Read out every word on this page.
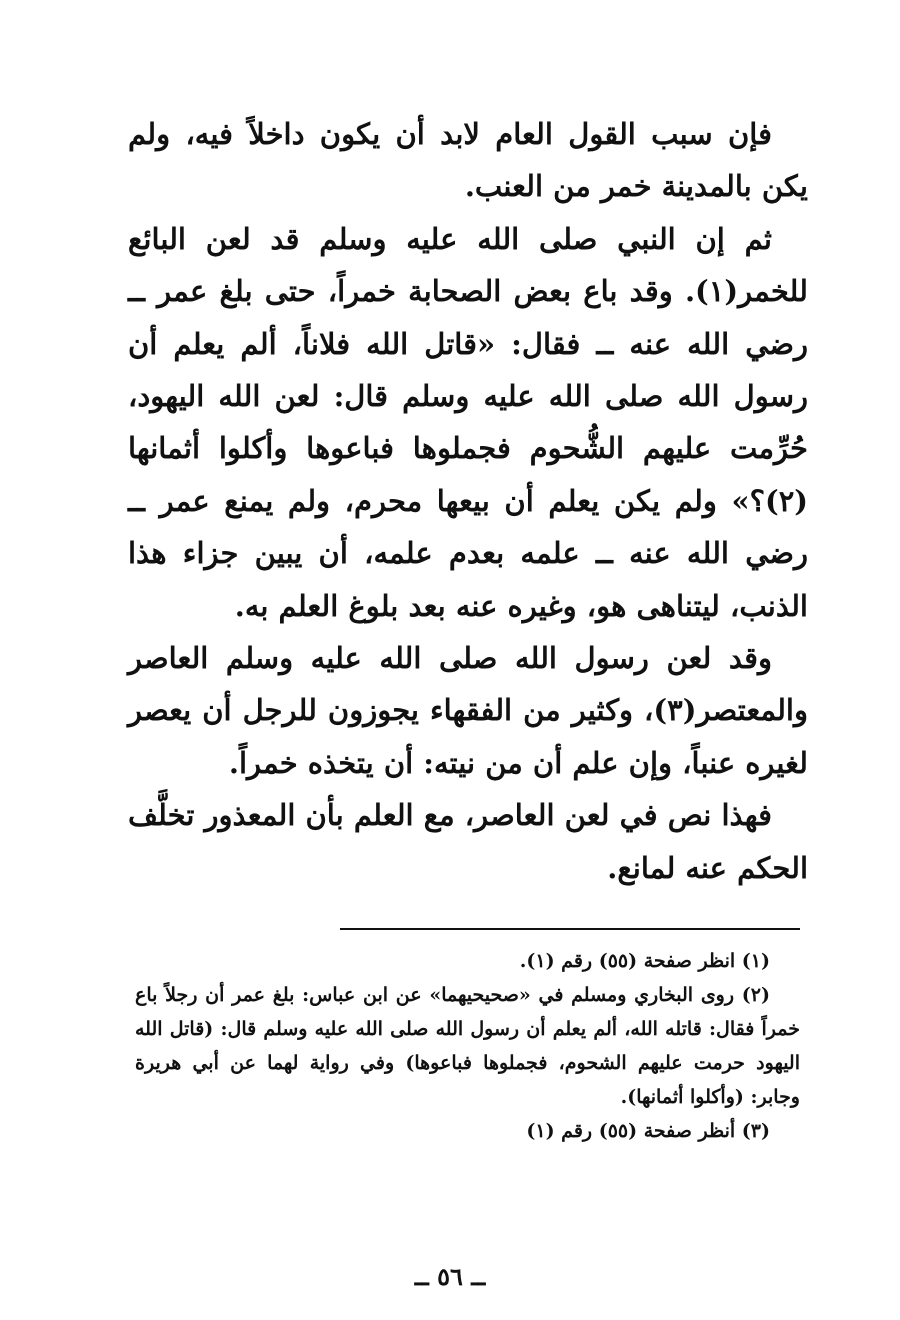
فإن سبب القول العام لابد أن يكون داخلاً فيه، ولم يكن بالمدينة خمر من العنب.

ثم إن النبي صلى الله عليه وسلم قد لعن البائع للخمر(١). وقد باع بعض الصحابة خمراً، حتى بلغ عمر ــ رضي الله عنه ــ فقال: «قاتل الله فلاناً، ألم يعلم أن رسول الله صلى الله عليه وسلم قال: لعن الله اليهود، حُرِّمت عليهم الشُّحوم فجملوها فباعوها وأكلوا أثمانها (٢)؟» ولم يكن يعلم أن بيعها محرم، ولم يمنع عمر ــ رضي الله عنه ــ علمه بعدم علمه، أن يبين جزاء هذا الذنب، ليتناهى هو، وغيره عنه بعد بلوغ العلم به.

وقد لعن رسول الله صلى الله عليه وسلم العاصر والمعتصر(٣)، وكثير من الفقهاء يجوزون للرجل أن يعصر لغيره عنباً، وإن علم أن من نيته: أن يتخذه خمراً.

فهذا نص في لعن العاصر، مع العلم بأن المعذور تخلَّف الحكم عنه لمانع.

(١) انظر صفحة (٥٥) رقم (١).

(٢) روى البخاري ومسلم في «صحيحيهما» عن ابن عباس: بلغ عمر أن رجلاً باع خمراً فقال: قاتله الله، ألم يعلم أن رسول الله صلى الله عليه وسلم قال: (قاتل الله اليهود حرمت عليهم الشحوم، فجملوها فباعوها) وفي رواية لهما عن أبي هريرة وجابر: (وأكلوا أثمانها).

(٣) أنظر صفحة (٥٥) رقم (١)

ــ ٥٦ ــ
